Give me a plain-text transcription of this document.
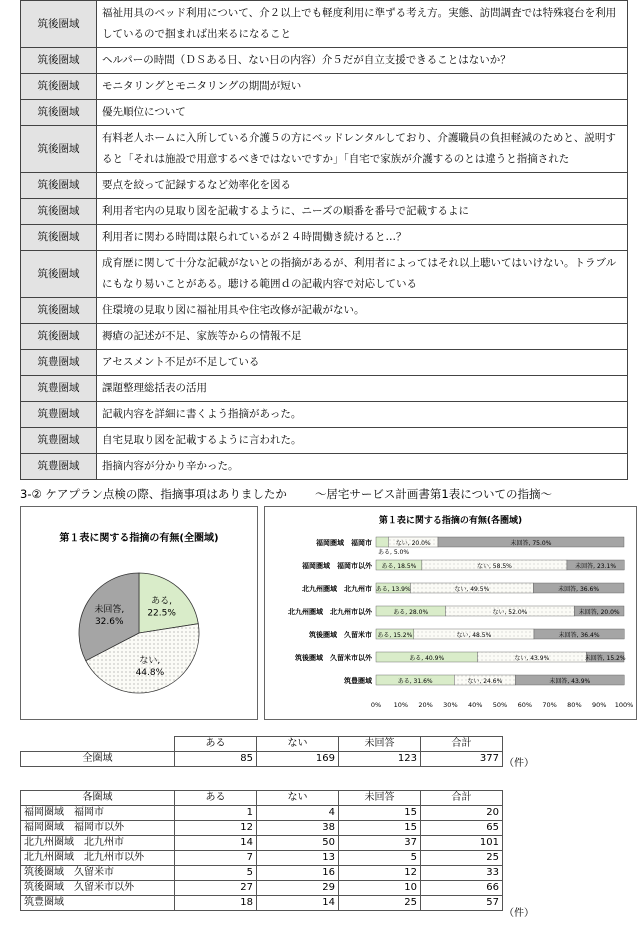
筑後圏域	福祉用具のベッド利用について、介２以上でも軽度利用に準ずる考え方。実態、訪問調査では特殊寝台を利用しているので掴まれば出来るになること
筑後圏域	ヘルパーの時間（ＤＳある日、ない日の内容）介５だが自立支援できることはないか？
筑後圏域	モニタリングとモニタリングの期間が短い
筑後圏域	優先順位について
筑後圏域	有料老人ホームに入所している介護５の方にベッドレンタルしており、介護職員の負担軽減のためと、説明すると「それは施設で用意するべきではないですか」「自宅で家族が介護するのとは違うと指摘された
筑後圏域	要点を絞って記録するなど効率化を図る
筑後圏域	利用者宅内の見取り図を記載するように、ニーズの順番を番号で記載するよに
筑後圏域	利用者に関わる時間は限られているが２４時間働き続けると…？
筑後圏域	成育歴に関して十分な記載がないとの指摘があるが、利用者によってはそれ以上聴いてはいけない。トラブルにもなり易いことがある。聴ける範囲ｄの記載内容で対応している
筑後圏域	住環境の見取り図に福祉用具や住宅改修が記載がない。
筑後圏域	褥瘡の記述が不足、家族等からの情報不足
筑豊圏域	アセスメント不足が不足している
筑豊圏域	課題整理総括表の活用
筑豊圏域	記載内容を詳細に書くよう指摘があった。
筑豊圏域	自宅見取り図を記載するように言われた。
筑豊圏域	指摘内容が分かり辛かった。
3-② ケアプラン点検の際、指摘事項はありましたか ～居宅サービス計画書第1表についての指摘～
第１表に関する指摘の有無(全圏域)
ある,
22.5%
ない,
44.8%
未回答,
32.6%
第１表に関する指摘の有無(各圏域)
0% 10% 20% 30% 40% 50% 60% 70% 80% 90% 100%
福岡圏域　福岡市
ある, 5.0%
ない, 20.0%	未回答, 75.0%
福岡圏域　福岡市以外 ある, 18.5%	ない, 58.5%	未回答, 23.1%
北九州圏域　北九州市 ある, 13.9%	ない, 49.5%	未回答, 36.6%
北九州圏域　北九州市以外	ある, 28.0%	ない, 52.0%	未回答, 20.0%
筑後圏域　久留米市 ある, 15.2%	ない, 48.5%	未回答, 36.4%
筑後圏域　久留米市以外	ある, 40.9%	ない, 43.9%	未回答, 15.2%
筑豊圏域	ある, 31.6%	ない, 24.6%	未回答, 43.9%
	ある	ない	未回答	合計
全圏域	85	169	123	377 （件）
各圏域	ある	ない	未回答	合計
福岡圏域　福岡市	1	4	15	20
福岡圏域　福岡市以外	12	38	15	65
北九州圏域　北九州市	14	50	37	101
北九州圏域　北九州市以外	7	13	5	25
筑後圏域　久留米市	5	16	12	33
筑後圏域　久留米市以外	27	29	10	66
筑豊圏域	18	14	25	57
（件）
